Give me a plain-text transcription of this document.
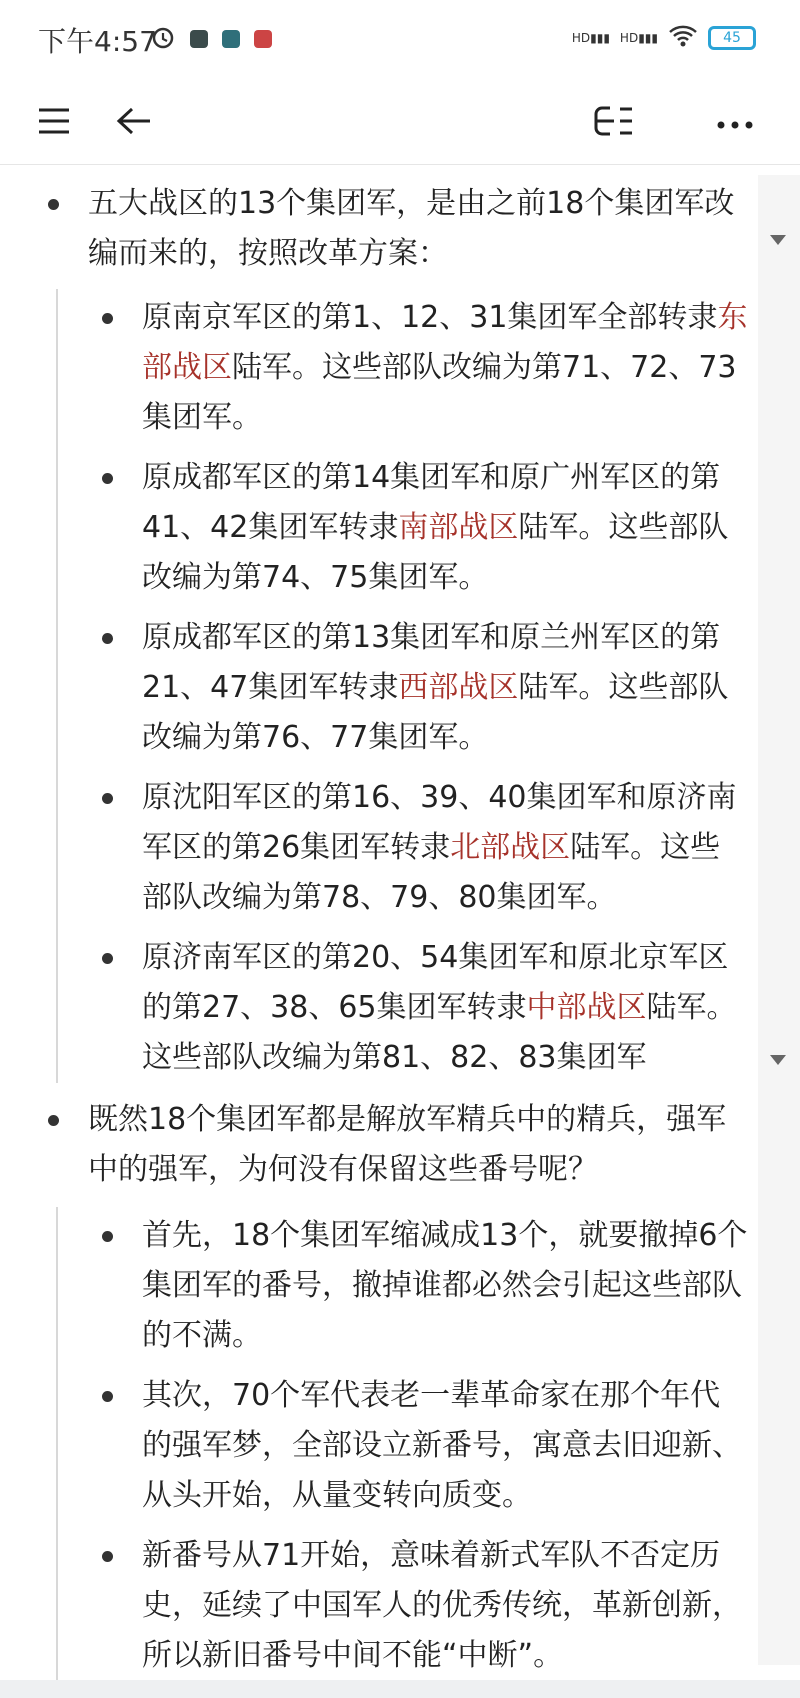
下午4:57	HD▮▮▮ HD▮▮▮	45
五大战区的13个集团军，是由之前18个集团军改编而来的，按照改革方案：
原南京军区的第1、12、31集团军全部转隶东部战区陆军。这些部队改编为第71、72、73集团军。
原成都军区的第14集团军和原广州军区的第41、42集团军转隶南部战区陆军。这些部队改编为第74、75集团军。
原成都军区的第13集团军和原兰州军区的第21、47集团军转隶西部战区陆军。这些部队改编为第76、77集团军。
原沈阳军区的第16、39、40集团军和原济南军区的第26集团军转隶北部战区陆军。这些部队改编为第78、79、80集团军。
原济南军区的第20、54集团军和原北京军区的第27、38、65集团军转隶中部战区陆军。这些部队改编为第81、82、83集团军
既然18个集团军都是解放军精兵中的精兵，强军中的强军，为何没有保留这些番号呢？
首先，18个集团军缩减成13个，就要撤掉6个集团军的番号，撤掉谁都必然会引起这些部队的不满。
其次，70个军代表老一辈革命家在那个年代的强军梦，全部设立新番号，寓意去旧迎新、从头开始，从量变转向质变。
新番号从71开始，意味着新式军队不否定历史，延续了中国军人的优秀传统，革新创新，所以新旧番号中间不能“中断”。
